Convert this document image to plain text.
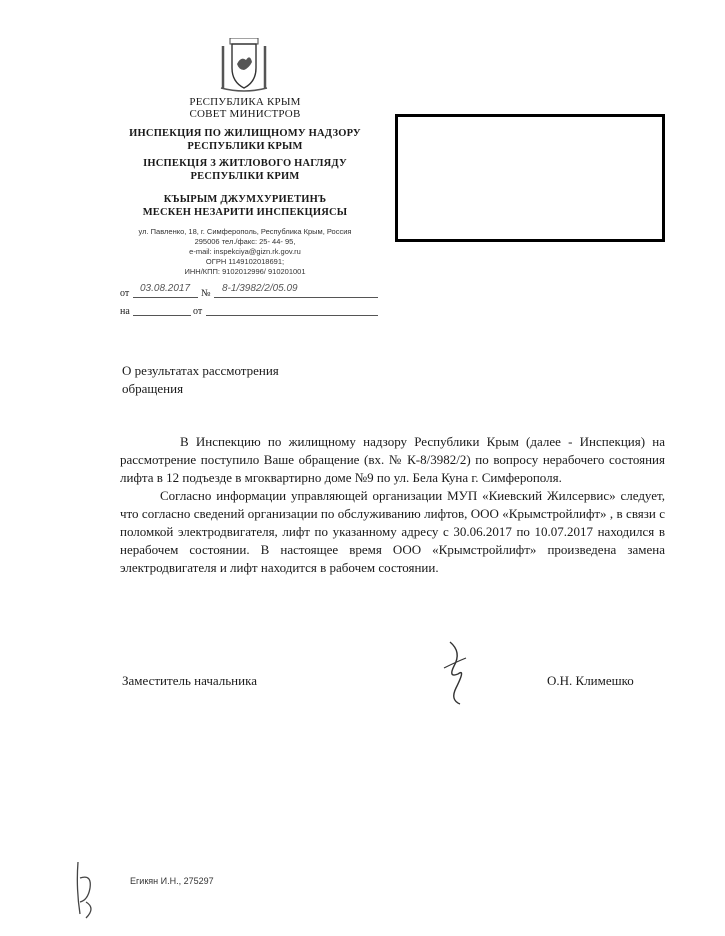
РЕСПУБЛИКА КРЫМ
СОВЕТ МИНИСТРОВ
ИНСПЕКЦИЯ ПО ЖИЛИЩНОМУ НАДЗОРУ
РЕСПУБЛИКИ КРЫМ
ІНСПЕКЦІЯ З ЖИТЛОВОГО НАГЛЯДУ
РЕСПУБЛІКИ КРИМ
КЪЫРЫМ ДЖУМХУРИЕТИНЪ
МЕСКЕН НЕЗАРИТИ ИНСПЕКЦИЯСЫ
ул. Павленко, 18, г. Симферополь, Республика Крым, Россия
295006 тел./факс: 25- 44- 95,
e-mail: inspekciya@gizn.rk.gov.ru
ОГРН 1149102018691;
ИНН/КПП: 9102012996/ 910201001
от 03.08.2017 № 8-1/3982/2/05.09
на	от
О результатах рассмотрения
обращения

В Инспекцию по жилищному надзору Республики Крым (далее - Инспекция) на рассмотрение поступило Ваше обращение (вх. № К-8/3982/2) по вопросу нерабочего состояния лифта в 12 подъезде в мгоквартирно доме №9 по ул. Бела Куна г. Симферополя.

Согласно информации управляющей организации МУП «Киевский Жилсервис» следует, что согласно сведений организации по обслуживанию лифтов, ООО «Крымстройлифт» , в связи с поломкой электродвигателя, лифт по указанному адресу с 30.06.2017 по 10.07.2017 находился в нерабочем состоянии. В настоящее время ООО «Крымстройлифт» произведена замена электродвигателя и лифт находится в рабочем состоянии.

Заместитель начальника	О.Н. Климешко
Егикян И.Н., 275297
